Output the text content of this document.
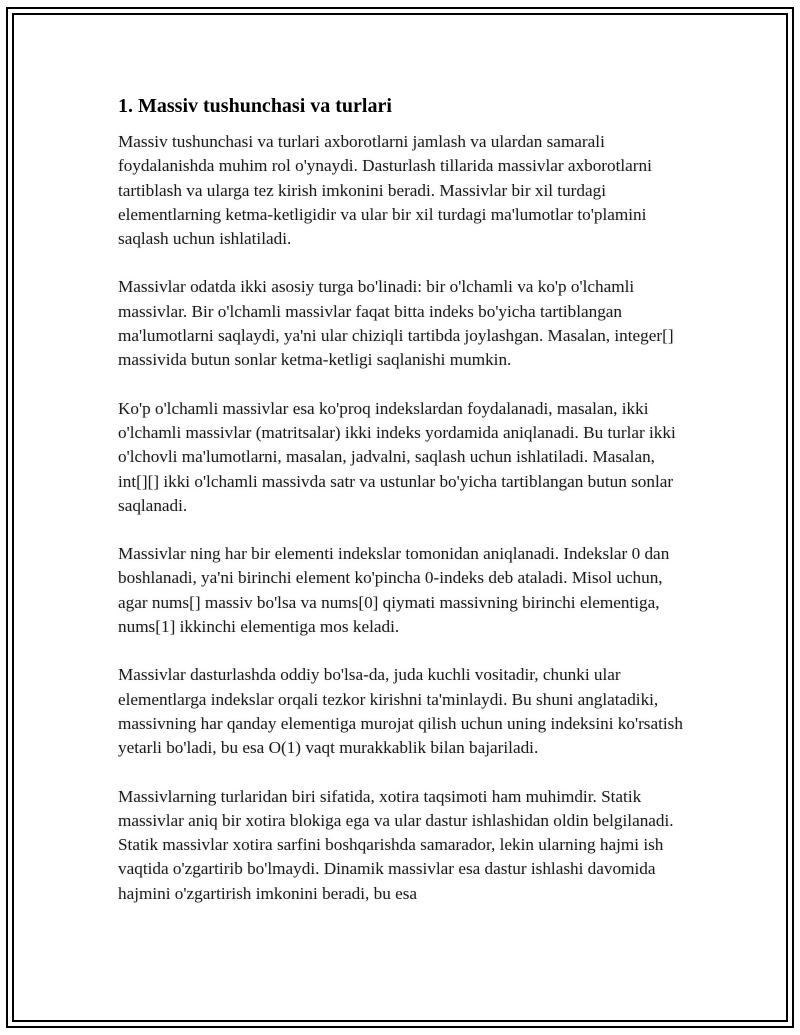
1. Massiv tushunchasi va turlari

Massiv tushunchasi va turlari axborotlarni jamlash va ulardan samarali foydalanishda muhim rol o'ynaydi. Dasturlash tillarida massivlar axborotlarni tartiblash va ularga tez kirish imkonini beradi. Massivlar bir xil turdagi elementlarning ketma-ketligidir va ular bir xil turdagi ma'lumotlar to'plamini saqlash uchun ishlatiladi.

Massivlar odatda ikki asosiy turga bo'linadi: bir o'lchamli va ko'p o'lchamli massivlar. Bir o'lchamli massivlar faqat bitta indeks bo'yicha tartiblangan ma'lumotlarni saqlaydi, ya'ni ular chiziqli tartibda joylashgan. Masalan, integer[] massivida butun sonlar ketma-ketligi saqlanishi mumkin.

Ko'p o'lchamli massivlar esa ko'proq indekslardan foydalanadi, masalan, ikki o'lchamli massivlar (matritsalar) ikki indeks yordamida aniqlanadi. Bu turlar ikki o'lchovli ma'lumotlarni, masalan, jadvalni, saqlash uchun ishlatiladi. Masalan, int[][] ikki o'lchamli massivda satr va ustunlar bo'yicha tartiblangan butun sonlar saqlanadi.

Massivlar ning har bir elementi indekslar tomonidan aniqlanadi. Indekslar 0 dan boshlanadi, ya'ni birinchi element ko'pincha 0-indeks deb ataladi. Misol uchun, agar nums[] massiv bo'lsa va nums[0] qiymati massivning birinchi elementiga, nums[1] ikkinchi elementiga mos keladi.

Massivlar dasturlashda oddiy bo'lsa-da, juda kuchli vositadir, chunki ular elementlarga indekslar orqali tezkor kirishni ta'minlaydi. Bu shuni anglatadiki, massivning har qanday elementiga murojat qilish uchun uning indeksini ko'rsatish yetarli bo'ladi, bu esa O(1) vaqt murakkablik bilan bajariladi.

Massivlarning turlaridan biri sifatida, xotira taqsimoti ham muhimdir. Statik massivlar aniq bir xotira blokiga ega va ular dastur ishlashidan oldin belgilanadi. Statik massivlar xotira sarfini boshqarishda samarador, lekin ularning hajmi ish vaqtida o'zgartirib bo'lmaydi. Dinamik massivlar esa dastur ishlashi davomida hajmini o'zgartirish imkonini beradi, bu esa
